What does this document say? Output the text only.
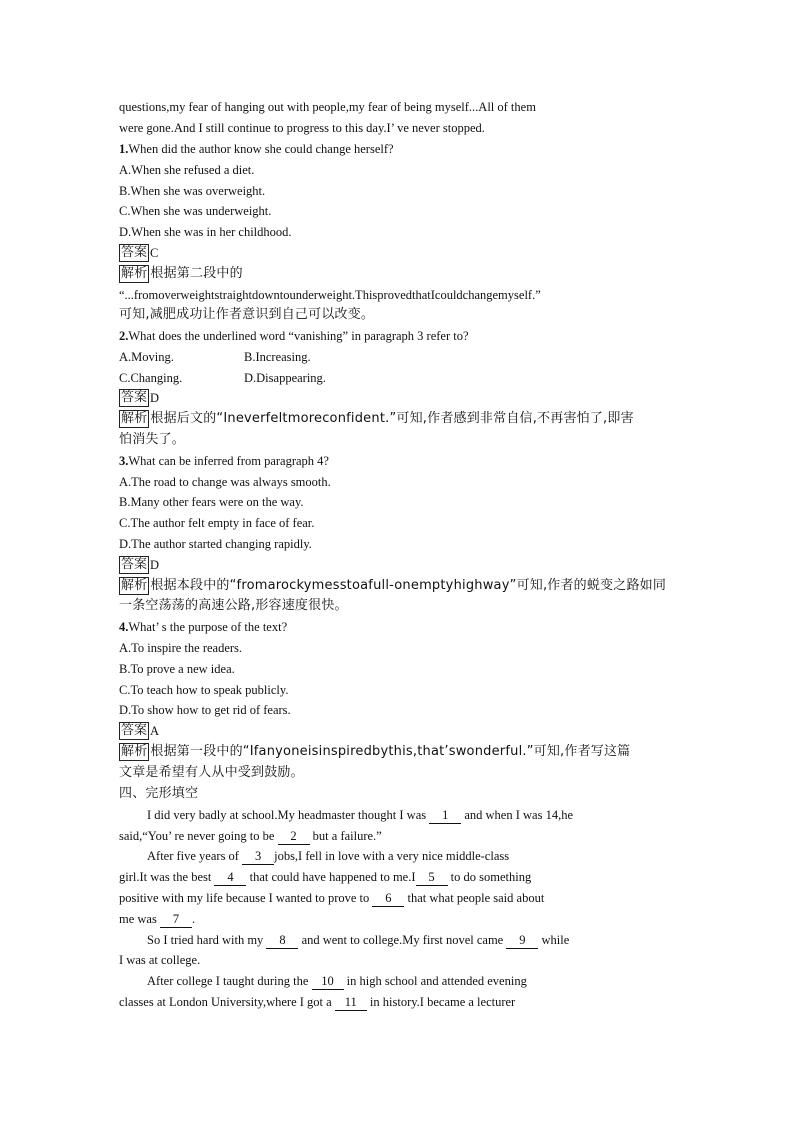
questions,my fear of hanging out with people,my fear of being myself...All of them
were gone.And I still continue to progress to this day.I’ ve never stopped.
1.When did the author know she could change herself?
A.When she refused a diet.
B.When she was overweight.
C.When she was underweight.
D.When she was in her childhood.
答案 C
解析 根据第二段中的
“...fromoverweightstraightdowntounderweight.ThisprovedthatIcouldchangemyself.”
可知,减肥成功让作者意识到自己可以改变。
2.What does the underlined word “vanishing” in paragraph 3 refer to?
A.Moving.	B.Increasing.
C.Changing.	D.Disappearing.
答案 D
解析 根据后文的“Ineverfeltmoreconfident.”可知,作者感到非常自信,不再害怕了,即害
怕消失了。
3.What can be inferred from paragraph 4?
A.The road to change was always smooth.
B.Many other fears were on the way.
C.The author felt empty in face of fear.
D.The author started changing rapidly.
答案 D
解析 根据本段中的“fromarockymesstoafull-onemptyhighway”可知,作者的蜕变之路如同
一条空荡荡的高速公路,形容速度很快。
4.What’ s the purpose of the text?
A.To inspire the readers.
B.To prove a new idea.
C.To teach how to speak publicly.
D.To show how to get rid of fears.
答案 A
解析 根据第一段中的“Ifanyoneisinspiredbythis,that’swonderful.”可知,作者写这篇
文章是希望有人从中受到鼓励。
四、完形填空
I did very badly at school.My headmaster thought I was 1 and when I was 14,he
said,“You’ re never going to be 2 but a failure.”
After five years of 3 jobs,I fell in love with a very nice middle-class
girl.It was the best 4 that could have happened to me.I 5 to do something
positive with my life because I wanted to prove to 6 that what people said about
me was 7 .
So I tried hard with my 8 and went to college.My first novel came 9 while
I was at college.
After college I taught during the 10 in high school and attended evening
classes at London University,where I got a 11 in history.I became a lecturer
